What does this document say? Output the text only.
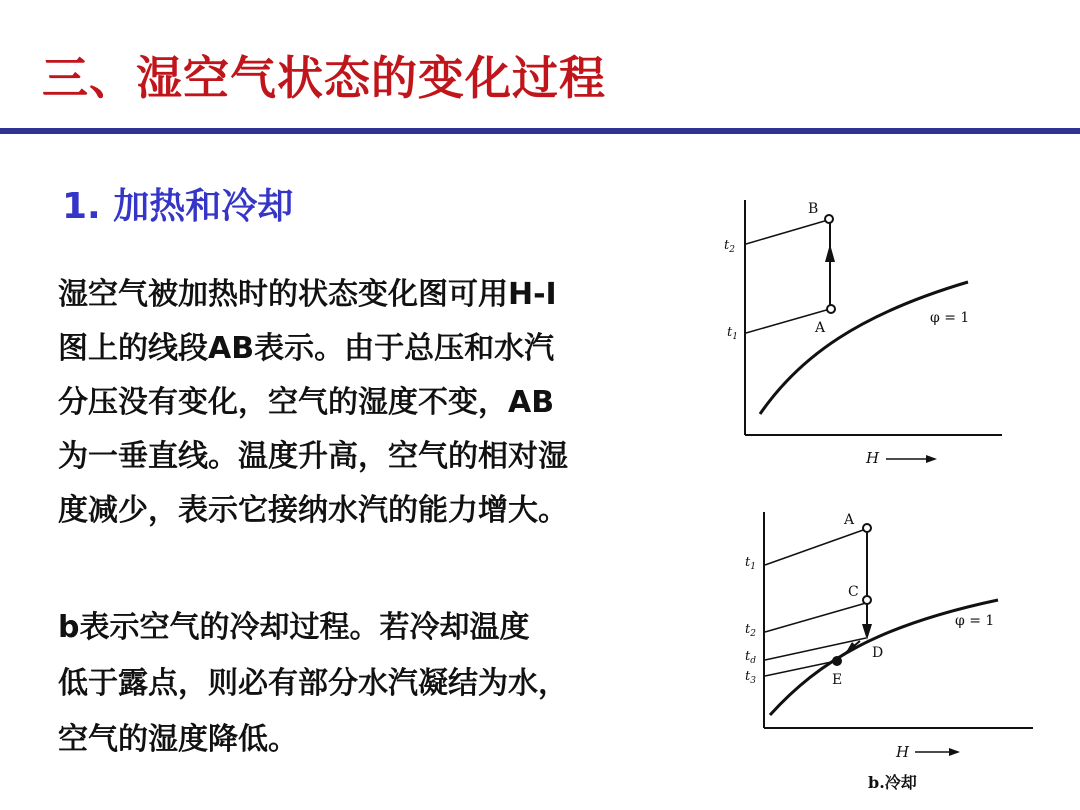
三、湿空气状态的变化过程
1. 加热和冷却
湿空气被加热时的状态变化图可用H-I
图上的线段AB表示。由于总压和水汽
分压没有变化，空气的湿度不变，AB
为一垂直线。温度升高，空气的相对湿
度减少，表示它接纳水汽的能力增大。
b表示空气的冷却过程。若冷却温度
低于露点，则必有部分水汽凝结为水，
空气的湿度降低。
B
A
$t_2$
$t_1$
φ = 1
H
A
C
D
E
$t_1$
$t_2$
$t_d$
$t_3$
φ = 1
H
b.冷却
